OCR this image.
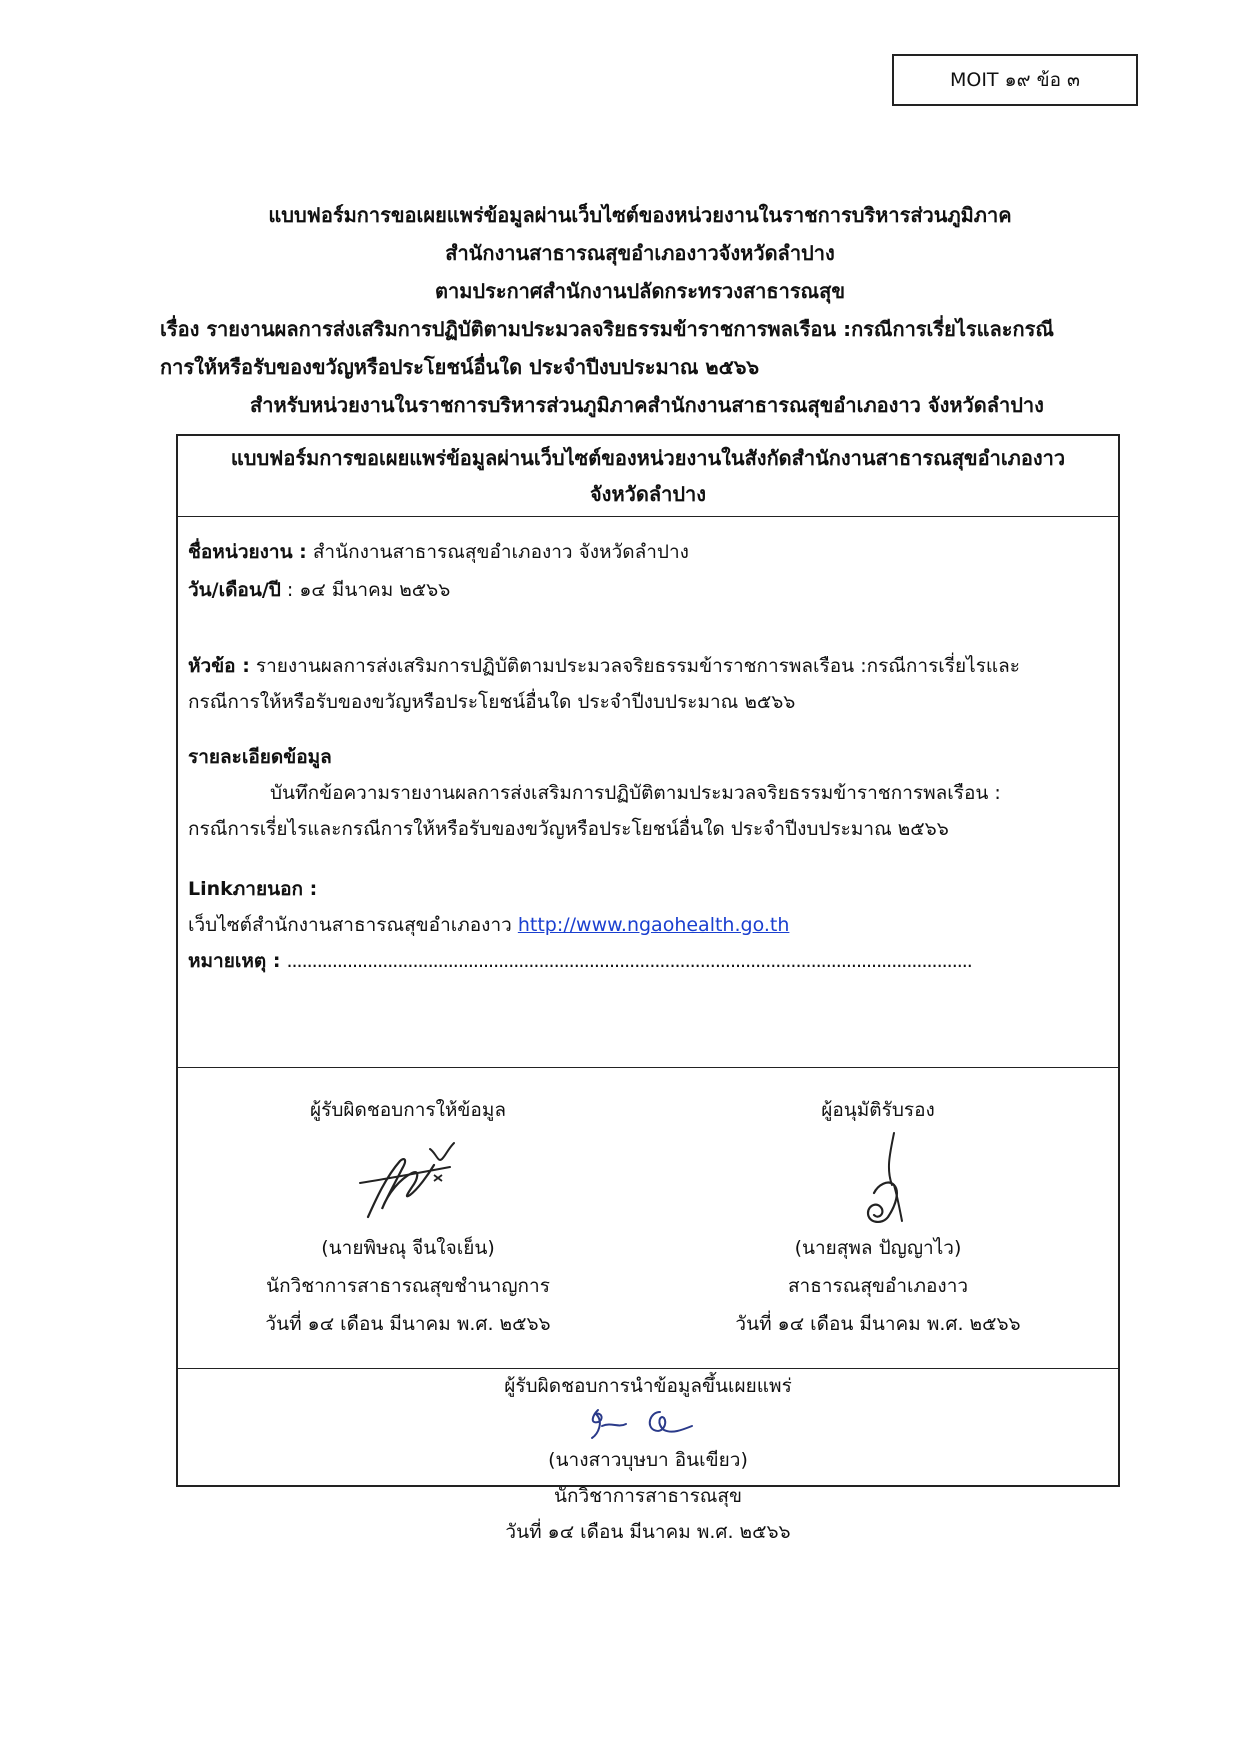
MOIT ๑๙ ข้อ ๓
แบบฟอร์มการขอเผยแพร่ข้อมูลผ่านเว็บไซต์ของหน่วยงานในราชการบริหารส่วนภูมิภาค
สำนักงานสาธารณสุขอำเภองาวจังหวัดลำปาง
ตามประกาศสำนักงานปลัดกระทรวงสาธารณสุข
เรื่อง รายงานผลการส่งเสริมการปฏิบัติตามประมวลจริยธรรมข้าราชการพลเรือน :กรณีการเรี่ยไรและกรณี
การให้หรือรับของขวัญหรือประโยชน์อื่นใด ประจำปีงบประมาณ ๒๕๖๖
สำหรับหน่วยงานในราชการบริหารส่วนภูมิภาคสำนักงานสาธารณสุขอำเภองาว จังหวัดลำปาง
แบบฟอร์มการขอเผยแพร่ข้อมูลผ่านเว็บไซต์ของหน่วยงานในสังกัดสำนักงานสาธารณสุขอำเภองาว
จังหวัดลำปาง
ชื่อหน่วยงาน : สำนักงานสาธารณสุขอำเภองาว จังหวัดลำปาง
วัน/เดือน/ปี : ๑๔ มีนาคม ๒๕๖๖
หัวข้อ : รายงานผลการส่งเสริมการปฏิบัติตามประมวลจริยธรรมข้าราชการพลเรือน :กรณีการเรี่ยไรและ
กรณีการให้หรือรับของขวัญหรือประโยชน์อื่นใด ประจำปีงบประมาณ ๒๕๖๖
รายละเอียดข้อมูล
บันทึกข้อความรายงานผลการส่งเสริมการปฏิบัติตามประมวลจริยธรรมข้าราชการพลเรือน :
กรณีการเรี่ยไรและกรณีการให้หรือรับของขวัญหรือประโยชน์อื่นใด ประจำปีงบประมาณ ๒๕๖๖
Linkภายนอก :
เว็บไซต์สำนักงานสาธารณสุขอำเภองาว http://www.ngaohealth.go.th
หมายเหตุ : ........................................................................................................................................
ผู้รับผิดชอบการให้ข้อมูล
(นายพิษณุ จีนใจเย็น)
นักวิชาการสาธารณสุขชำนาญการ
วันที่ ๑๔ เดือน มีนาคม พ.ศ. ๒๕๖๖
ผู้อนุมัติรับรอง
(นายสุพล ปัญญาไว)
สาธารณสุขอำเภองาว
วันที่ ๑๔ เดือน มีนาคม พ.ศ. ๒๕๖๖
ผู้รับผิดชอบการนำข้อมูลขึ้นเผยแพร่
(นางสาวบุษบา อินเขียว)
นักวิชาการสาธารณสุข
วันที่ ๑๔ เดือน มีนาคม พ.ศ. ๒๕๖๖
